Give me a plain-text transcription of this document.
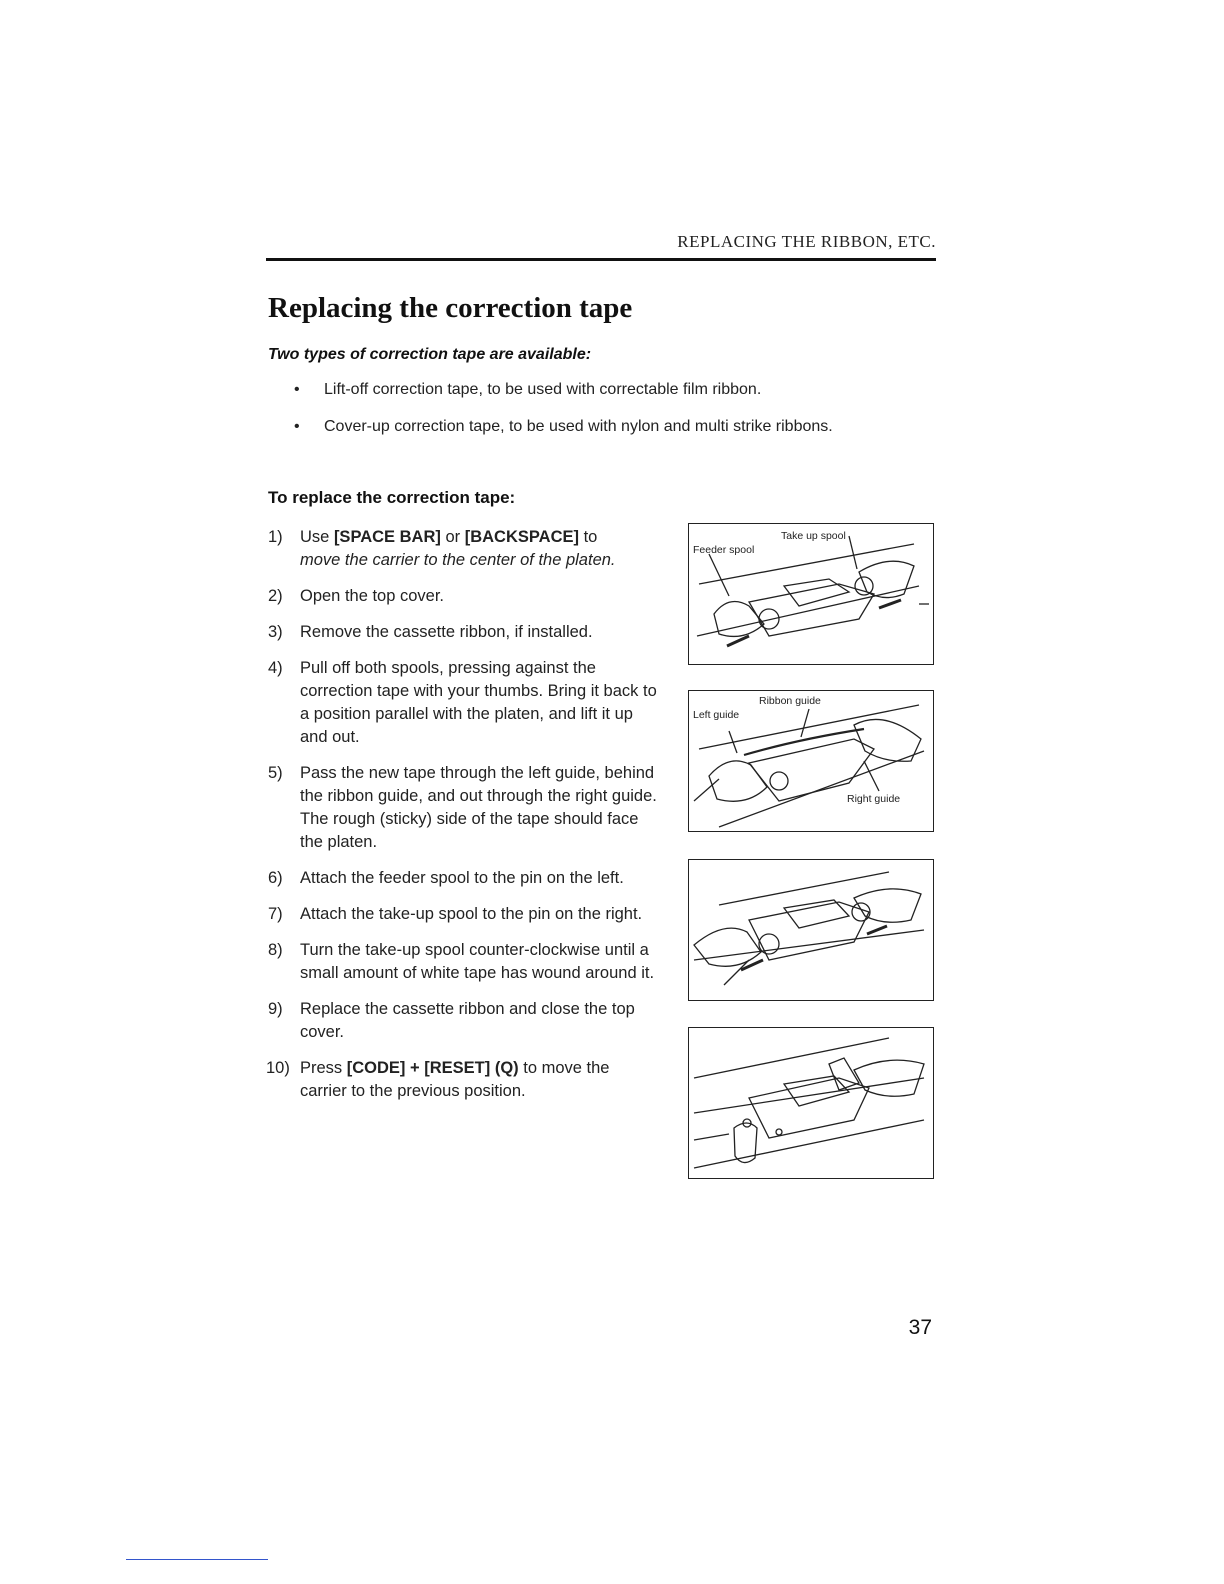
REPLACING THE RIBBON, ETC.
Replacing the correction tape

Two types of correction tape are available:

• Lift-off correction tape, to be used with correctable film ribbon.
• Cover-up correction tape, to be used with nylon and multi strike ribbons.

To replace the correction tape:

1) Use [SPACE BAR] or [BACKSPACE] to
move the carrier to the center of the platen.
2) Open the top cover.
3) Remove the cassette ribbon, if installed.
4) Pull off both spools, pressing against the correction tape with your thumbs. Bring it back to a position parallel with the platen, and lift it up and out.
5) Pass the new tape through the left guide, behind the ribbon guide, and out through the right guide. The rough (sticky) side of the tape should face the platen.
6) Attach the feeder spool to the pin on the left.
7) Attach the take-up spool to the pin on the right.
8) Turn the take-up spool counter-clockwise until a small amount of white tape has wound around it.
9) Replace the cassette ribbon and close the top cover.
10) Press [CODE] + [RESET] (Q) to move the carrier to the previous position.
Take up spool
Feeder spool
Ribbon guide
Left guide
Right guide
37
